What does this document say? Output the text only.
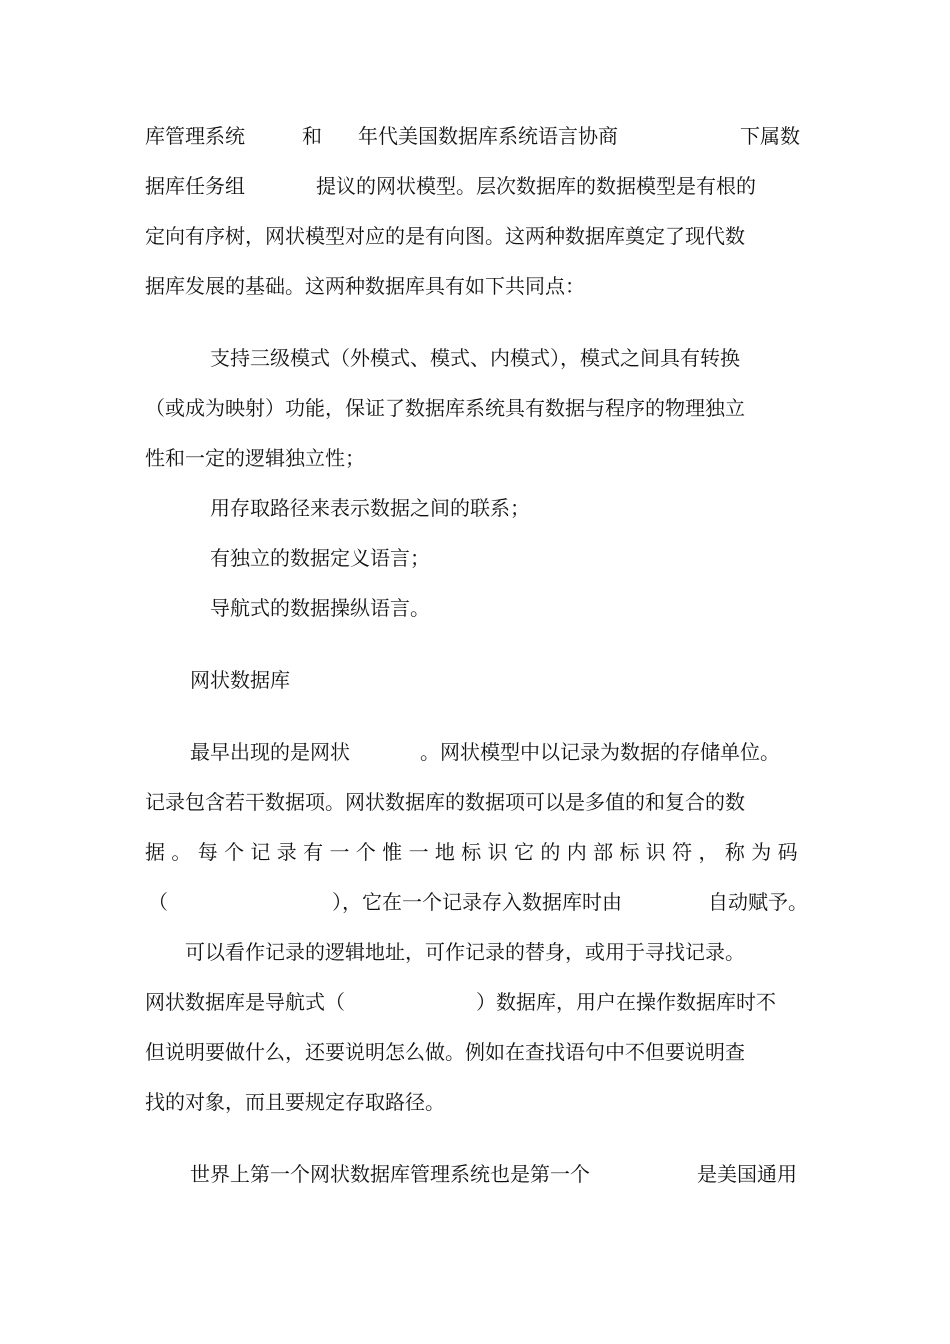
库管理系统	和 年代美国数据库系统语言协商	下属数
据库任务组	提议的网状模型。层次数据库的数据模型是有根的
定向有序树，网状模型对应的是有向图。这两种数据库奠定了现代数
据库发展的基础。这两种数据库具有如下共同点：
支持三级模式（外模式、模式、内模式），模式之间具有转换
（或成为映射）功能，保证了数据库系统具有数据与程序的物理独立
性和一定的逻辑独立性；
用存取路径来表示数据之间的联系；
有独立的数据定义语言；
导航式的数据操纵语言。
网状数据库
最早出现的是网状	。网状模型中以记录为数据的存储单位。
记录包含若干数据项。网状数据库的数据项可以是多值的和复合的数
据 。 每 个 记 录 有 一 个 惟 一 地 标 识 它 的 内 部 标 识 符 ， 称 为 码
（	），它在一个记录存入数据库时由	自动赋予。
可以看作记录的逻辑地址，可作记录的替身，或用于寻找记录。
网状数据库是导航式（	）数据库，用户在操作数据库时不
但说明要做什么，还要说明怎么做。例如在查找语句中不但要说明查
找的对象，而且要规定存取路径。
世界上第一个网状数据库管理系统也是第一个	是美国通用
